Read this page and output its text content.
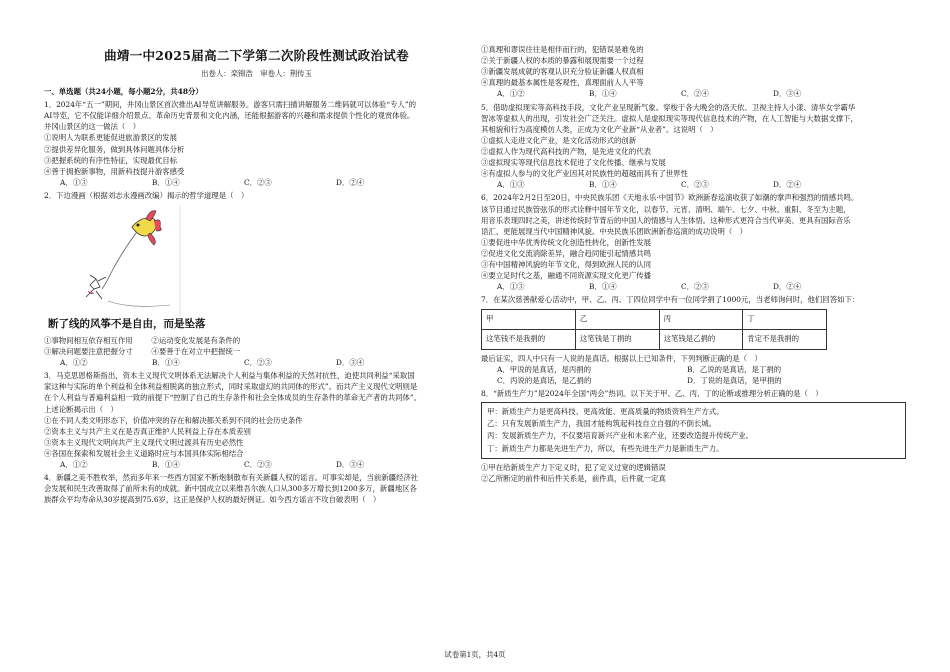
曲靖一中2025届高二下学第二次阶段性测试政治试卷
出卷人：栾锦浩　审卷人：荆传玉

一、单选题（共24小题，每小题2分，共48分）

1．2024年“五一”期间，井冈山景区首次推出AI导览讲解服务。游客只需扫描讲解服务二维码就可以体验“专人”的

AI导览，它不仅能详细介绍景点、革命历史背景和文化内涵，还能根据游客的兴趣和需求提供个性化的观赏体验。

井冈山景区的这一做法（　）

①说明人为联系更能促进旅游景区的发展

②提供差异化服务，做到具体问题具体分析

③把握系统的有序性特征，实现最优目标

④善于拥抱新事物，用新科技提升游客感受

A．①③	B．①④	C．②③	D．②④

2．下边漫画（根据刘志永漫画改编）揭示的哲学道理是（　）

断了线的风筝不是自由，而是坠落

①事物间相互依存相互作用	②运动变化发展是有条件的

③解决问题要注意把握分寸	④要善于在对立中把握统一

A．①②	B．①④	C．②③	D．③④

3．马克思恩格斯指出，资本主义现代文明体系无法解决个人利益与集体利益的天然对抗性，迫使共同利益“采取国

家这种与实际的单个利益和全体利益相脱离的独立形式，同时采取虚幻的共同体的形式”。而共产主义现代文明则是

在个人利益与普遍利益相一致的前提下“控制了自己的生存条件和社会全体成员的生存条件的革命无产者的共同体”。

上述论断揭示出（　）

①在不同人类文明形态下，价值冲突的存在和解决都关系到不同的社会历史条件

②资本主义与共产主义在是否真正维护人民利益上存在本质差别

③资本主义现代文明向共产主义现代文明过渡具有历史必然性

④各国在探索和发展社会主义道路时应与本国具体实际相结合

A．①②	B．①④	C．②③	D．③④

4．新疆之美不胜枚举，然而多年来一些西方国家不断炮制散布有关新疆人权的谣言。可事实却是，当前新疆经济社

会发展和民生改善取得了前所未有的成就。新中国成立以来维吾尔族人口从300多万增长到1200多万，新疆地区各

族群众平均寿命从30岁提高到75.6岁，这正是保护人权的最好例证。如今西方谣言不攻自破表明（　）

①真理和谬误往往是相伴而行的，犯错误是难免的

②关于新疆人权的本质的暴露和展现需要一个过程

③新疆发展成就的客观认识充分验证新疆人权真相

④真理的最基本属性是客观性，真理面前人人平等

A．①②	B．①④	C．②④	D．③④

5．借助虚拟现实等高科技手段，文化产业呈现新气象。穿梭于各大晚会的洛天依、卫视主持人小漾、清华女学霸华

智冰等虚拟人的出现，引发社会广泛关注。虚拟人是虚拟现实等现代信息技术的产物，在人工智能与大数据支撑下，

其相貌和行为高度模仿人类，正成为文化产业新“从业者”。这说明（　）

①虚拟人走进文化产业，是文化活动形式的创新

②虚拟人作为现代高科技的产物，是先进文化的代表

③虚拟现实等现代信息技术促进了文化传播、继承与发展

④有虚拟人参与的文化产业因其对民族性的超越而具有了世界性

A．①③	B．①④	C．②③	D．②④

6．2024年2月2日至20日，中央民族乐团《天地永乐·中国节》欧洲新春巡演收获了如潮的掌声和强烈的情感共鸣。

该节目通过民族管弦乐的形式诠释中国年节文化，以春节、元宵、清明、端午、七夕、中秋、重阳、冬至为主题，

用音乐表现四时之美，讲述传统时节背后的中国人的情感与人生体悟。这种形式更符合当代审美、更具有国际音乐

语汇、更能展现当代中国精神风貌。中央民族乐团欧洲新春巡演的成功说明（　）

①要促进中华优秀传统文化创造性转化，创新性发展

②促进文化交流消除差异，融合趋同能引起情感共鸣

③有中国精神风貌的年节文化，得到欧洲人民的认同

④要立足时代之基，融通不同资源实现文化更广传播

A．①③	B．①④	C．②③	D．②④

7．在某次慈善献爱心活动中，甲、乙、丙、丁四位同学中有一位同学捐了1000元，当老师询问时，他们回答如下：

甲	乙	丙	丁
这笔钱不是我捐的	这笔钱是丁捐的	这笔钱是乙捐的	肯定不是我捐的

最后证实，四人中只有一人说的是真话。根据以上已知条件，下列判断正确的是（　）

A．甲说的是真话，是丙捐的	B．乙说的是真话，是丁捐的
C．丙说的是真话，是乙捐的	D．丁说的是真话，是甲捐的

8．“新质生产力”是2024年全国“两会”热词。以下关于甲、乙、丙、丁的论断或推理分析正确的是（　）

甲：新质生产力是更高科技、更高效能、更高质量的物质资料生产方式。

乙：只有发展新质生产力，我国才能构筑起科技自立自强的不倒长城。

丙：发展新质生产力，不仅要培育新兴产业和未来产业，还要改造提升传统产业。

丁：新质生产力都是先进生产力，所以，有些先进生产力是新质生产力。

①甲在给新质生产力下定义时，犯了定义过宽的逻辑错误

②乙所断定的前件和后件关系是，前件真，后件就一定真

试卷第1页，共4页
